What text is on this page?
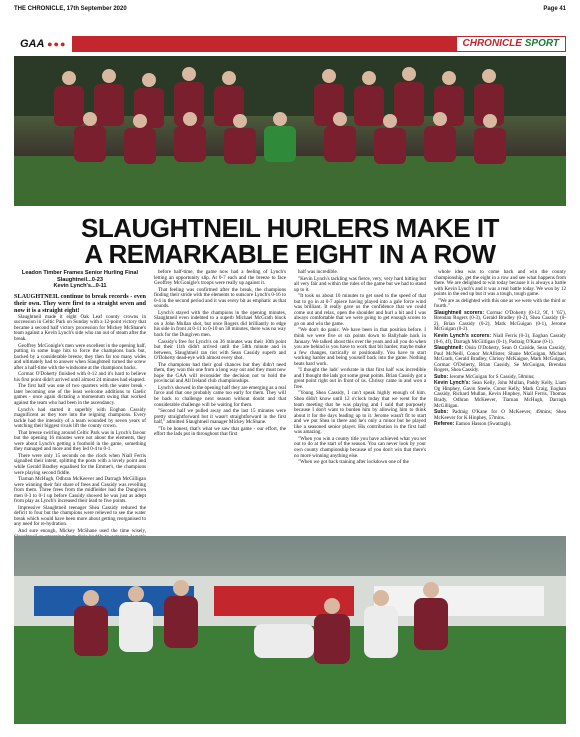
THE CHRONICLE, 17th September 2020	Page 41
GAA ●●●	CHRONICLE SPORT
SLAUGHTNEIL HURLERS MAKE IT
A REMARKABLE EIGHT IN A ROW
Leadon Timber Frames Senior Hurling Final
Slaughtneil...0-23
Kevin Lynch's...0-11

SLAUGHTNEIL continue to break records - even their own. They were first to a straight seven and now it is a straight eight!

Slaughtneil made it eight Oak Leaf county crowns in succession in Celtic Park on Sunday with a 12-point victory that became a second half victory procession for Mickey McShane's team against a Kevin Lynch's side who ran out of steam after the break.

Geoffrey McGonigle's men were excellent in the opening half, putting in some huge hits to force the champions back but, backed by a considerable breeze, they then far too many wides and ultimately had to answer when Slaughtneil turned the screw after a half-time with the windsome at the champions backs.

Cormac O'Doherty finished with 0-12 and it's hard to believe his first point didn't arrived until almost 24 minutes had elapsed.

The first half was one of two quarters with the water break - later becoming one of the least welcome additions to Gaelic games - once again dictating a momentum swing that worked against the team who had been in the ascendancy.

Lynch's had started it superbly with Eoghan Cassidy magnificent as they tore into the reigning champions. Every tackle had the intensity of a team wounded by seven years of watching their biggest rivals lift the county crown.

That breeze swirling around Celtic Park was in Lynch's favour but the opening 16 minutes were not about the elements, they were about Lynch's getting a foothold in the game, something they managed and more and they led 0-4 to 0-1.

There were only 15 seconds on the clock when Niall Ferris signalled their intent, splitting the posts with a lovely point and while Gerald Bradley equalised for the Emmet's, the champions were playing second fiddle.

Tiarnan McHugh, Odhran McKeever and Darragh McGilligan were winning their fair share of frees and Cassidy was revelling from them. Three frees from the midfielder had the Dungiven men 0-3 to 0-1 up before Cassidy showed he was just as adept from play as Lynch's increased their lead to five points.

Impressive Slaughtneil teenager Shea Cassidy reduced the deficit to four but the champions were relieved to see the water break which would have been more about getting reorganised to any need for re-hydration.

And sure enough, Mickey McShane used the time wisely,

before half-time, the game now had a feeling of Lynch's letting an opportunity slip. At 0-7 each and the breeze to face Geoffrey McGonigle's troops were really up against it.

That feeling was confirmed after the break, the champions finding their stride with the elements to outscore Lynch's 0-16 to 0-4 in the second period and it was every bit as emphatic as that sounds.

Lynch's stayed with the champions in the opening minutes, Slaughtneil even indebted to a superb Michael McGrath block on a John Mullan shot, but once Rogers did brilliantly to edge his side in front at 0-11 to 0-10 on 38 minutes, there was no way back for the Dungiven men.

Cassidy's free for Lynch's on 36 minutes was their 10th point but their 11th didn't arrived until the 58th minute and in between, Slaughtneil ran riot with Sean Cassidy superb and O'Doherty dead-eye with almost every shot.

The champions had their goal chances but they didn't need them, they won this one from a long way out and they must now hope the GAA will reconsider the decision not to hold the provincial and All Ireland club championships.

Lynch's showed in the opening half they are emerging as a real force and that one probably came too early for them. They will be back to challenge next season without doubt and that considerable challenge will be waiting for them.

"Second half we pulled away and the last 15 minutes were pretty straightforward but it wasn't straightforward in the first half," admitted Slaughtneil manager Mickey McShane.

"To be honest, that's what we saw that game - our effort, the effort the lads put in throughout that first

half was incredible.

"Kevin Lynch's tackling was fierce, very, very hard hitting but all very fair and within the rules of the game but we had to stand up to it.

"It took us about 10 minutes to get used to the speed of that but to go in at 0-7 apiece having played into a gale force wind was brilliant. It really gave us the confidence that we could come out and relax, open the shoulder and hurl a bit and I was always comfortable that we were going to get enough scores to go on and win the game.

"We don't do panic. We have been in that position before. I think we were five or six points down to Ballyhale back in January. We talked about this over the years and all you do when you are behind is you have to work that bit harder, maybe make a few changes, tactically or positionally. You have to start working harder and being yourself back into the game. Nothing beats hard work.

"I thought the lads' workrate in that first half was incredible and I thought the lads got some great points. Brian Cassidy got a great point right out in front of us. Chrissy came in and won a free.

"Young Shea Cassidy, I can't speak highly enough of him. Shea didn't know until 12 o'clock today that we went for the team meeting that he was playing and I said that purposely because I don't want to burden him by allowing him to think about it for the days leading up to it. Jerome wasn't fit to start and we put Shea in there and he's only a minor but he played like a seasoned senior player. His contribution in the first half was amazing.

"When you win a county title you have achieved what you set out to do at the start of the season. You can never look by your own county championship because of you don't win that there's no more winning anything else.

"When we got back training after lockdown one of the

whole idea was to come back and win the county championship, get the eight in a row and see what happens from there. We are delighted to win today because it is always a battle with Kevin Lynch's and it was a real battle today. We won by 12 points in the end up but it was a tough, tough game.

"We are as delighted with this one as we were with the third or fourth."

Slaughtneil scorers: Cormac O'Doherty (0-12, 9f, 1 '65'), Brendan Rogers (0-3), Gerald Bradley (0-2), Shea Cassidy (0-2), Brian Cassidy (0-2), Mark McGuigan (0-1), Jerome McGuigan (0-2).

Kevin Lynch's scorers: Niall Ferris (0-3), Eoghan Cassidy (0-6, 4f), Darragh McGilligan (0-1), Padraig O'Kane (0-1).

Slaughtneil: Oisin O'Doherty, Sean O Caiside, Sean Cassidy, Paul McNeill, Conor McAllister, Shane McGuigan, Michael McGrath, Gerald Bradley, Chrissy McKaigue, Mark McGuigan, Cormac O'Doherty, Brian Cassidy, Se McGuigan, Brendan Rogers, Shea Cassidy.

Subs: Jerome McGuigan for S Cassidy, 58mins;

Kevin Lynch's: Sean Kelly, John Mullan, Paddy Kelly, Liam Og Hinphey, Gavin Steele, Conor Kelly, Mark Craig, Eoghan Cassidy, Richard Mullan, Kevin Hinphey, Niall Ferris, Thomas Brady, Odhran McKeever, Tiarnan McHugh, Darragh McGilligan.

Subs: Padraig O'Kane for O McKeever, 49mins; Shea McKeever for K Hinphey, 57mins.

Referee: Eamon Hasson (Swatragh).
